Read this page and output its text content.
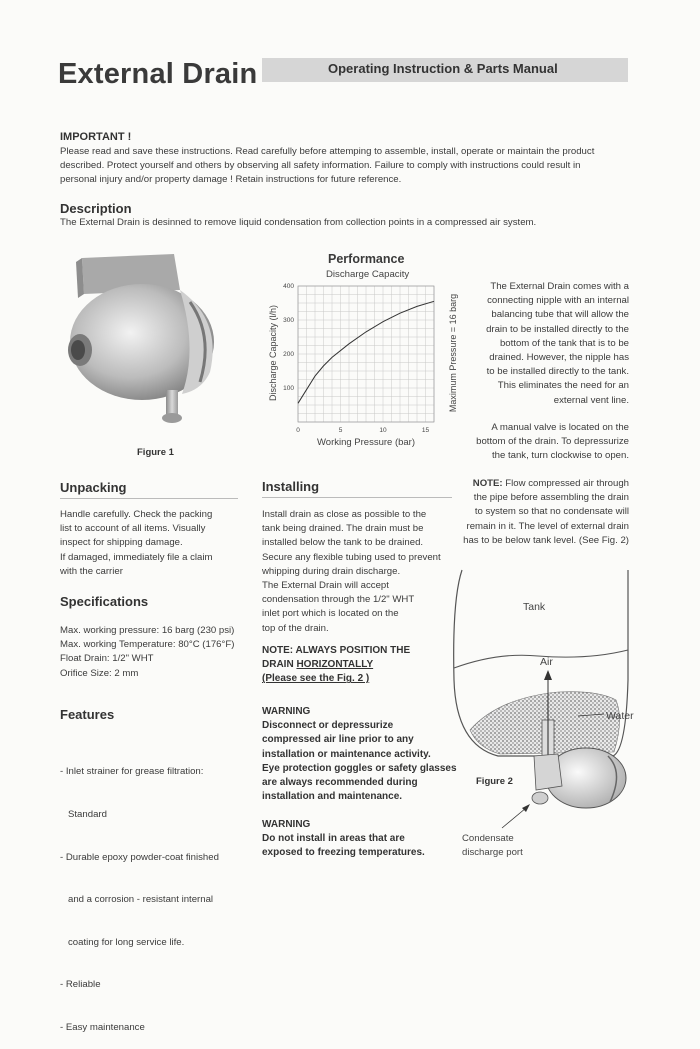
External Drain	Operating Instruction & Parts Manual
IMPORTANT !
Please read and save these instructions. Read carefully before attemping to assemble, install, operate or maintain the product
described. Protect yourself and others by observing all safety information. Failure to comply with instructions could result in
personal injury and/or property damage ! Retain instructions for future reference.
Description
The External Drain is desinned to remove liquid condensation from collection points in a compressed air system.
Figure 1
Performance
Discharge Capacity
0	5	10	15
100
200
300
400
Discharge Capacity (l/h)	Maximum Pressure = 16 barg
Working Pressure (bar)
The External Drain comes with a
connecting nipple with an internal
balancing tube that will allow the
drain to be installed directly to the
bottom of the tank that is to be
drained. However, the nipple has
to be installed directly to the tank.
This eliminates the need for an
external vent line.
A manual valve is located on the
bottom of the drain. To depressurize
the tank, turn clockwise to open.
NOTE: Flow compressed air through
the pipe before assembling the drain
to system so that no condensate will
remain in it. The level of external drain
has to be below tank level. (See Fig. 2)
Unpacking
Handle carefully. Check the packing
list to account of all items. Visually
inspect for shipping damage.
If damaged, immediately file a claim
with the carrier
Specifications
Max. working pressure: 16 barg (230 psi)
Max. working Temperature: 80°C (176°F)
Float Drain: 1/2" WHT
Orifice Size: 2 mm
Features

- Inlet strainer for grease filtration:

Standard

- Durable epoxy powder-coat finished

and a corrosion - resistant internal

coating for long service life.

- Reliable

- Easy maintenance

Installing
Install drain as close as possible to the
tank being drained. The drain must be
installed below the tank to be drained.
Secure any flexible tubing used to prevent
whipping during drain discharge.
The External Drain will accept
condensation through the 1/2" WHT
inlet port which is located on the
top of the drain.
NOTE: ALWAYS POSITION THE
DRAIN HORIZONTALLY
(Please see the Fig. 2 )
WARNING
Disconnect or depressurize
compressed air line prior to any
installation or maintenance activity.
Eye protection goggles or safety glasses
are always recommended during
installation and maintenance.
WARNING
Do not install in areas that are
exposed to freezing temperatures.
Tank
Air
Water
Figure 2
Condensate
discharge port
